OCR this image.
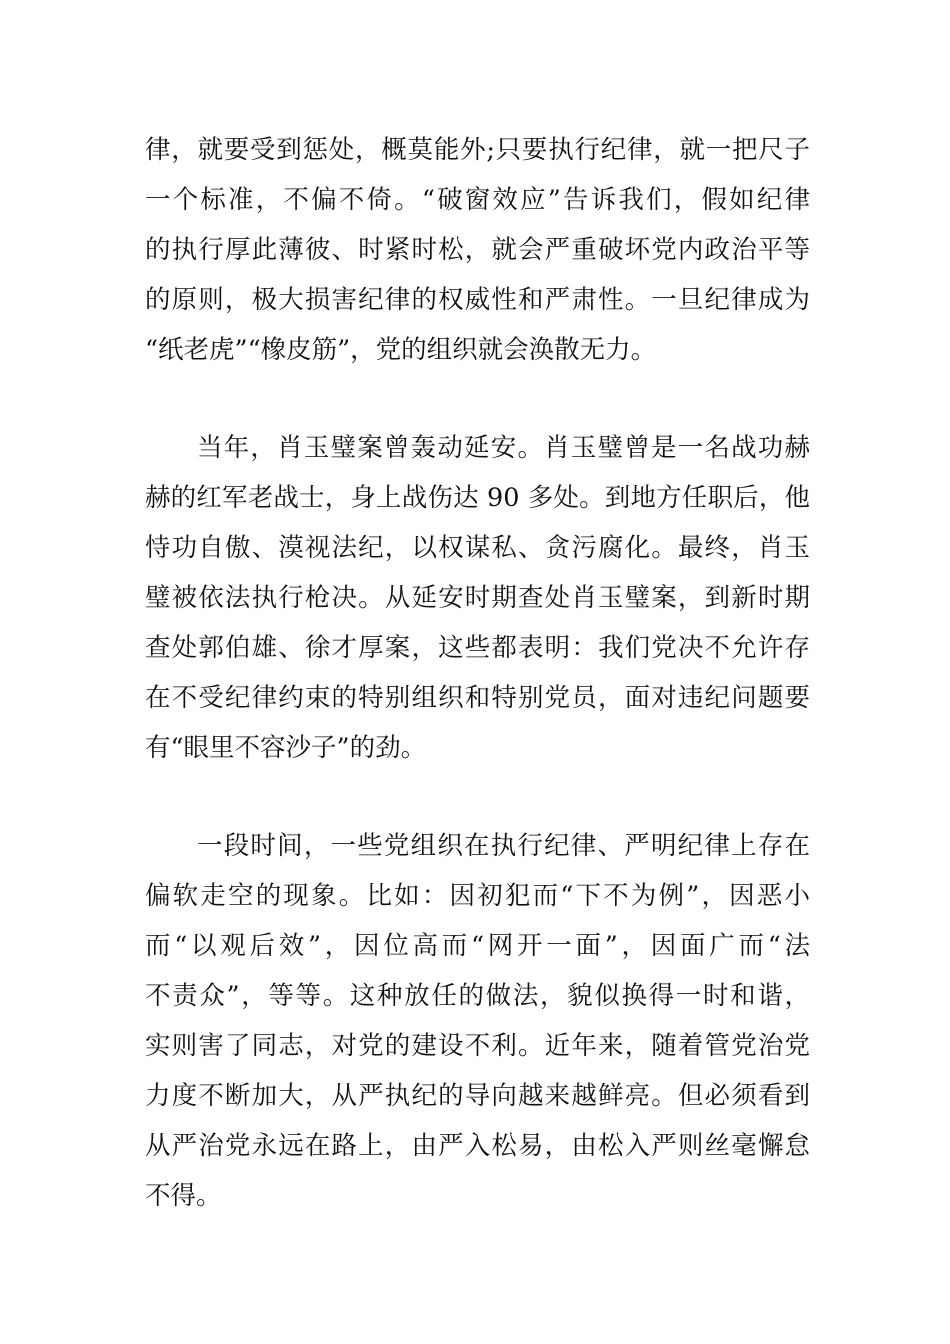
律，就要受到惩处，概莫能外;只要执行纪律，就一把尺子
一个标准，不偏不倚。“破窗效应”告诉我们，假如纪律
的执行厚此薄彼、时紧时松，就会严重破坏党内政治平等
的原则，极大损害纪律的权威性和严肃性。一旦纪律成为
“纸老虎”“橡皮筋”，党的组织就会涣散无力。
当年，肖玉璧案曾轰动延安。肖玉璧曾是一名战功赫
赫的红军老战士，身上战伤达 90 多处。到地方任职后，他
恃功自傲、漠视法纪，以权谋私、贪污腐化。最终，肖玉
璧被依法执行枪决。从延安时期查处肖玉璧案，到新时期
查处郭伯雄、徐才厚案，这些都表明：我们党决不允许存
在不受纪律约束的特别组织和特别党员，面对违纪问题要
有“眼里不容沙子”的劲。
一段时间，一些党组织在执行纪律、严明纪律上存在
偏软走空的现象。比如：因初犯而“下不为例”，因恶小
而“以观后效”，因位高而“网开一面”，因面广而“法
不责众”，等等。这种放任的做法，貌似换得一时和谐，
实则害了同志，对党的建设不利。近年来，随着管党治党
力度不断加大，从严执纪的导向越来越鲜亮。但必须看到
从严治党永远在路上，由严入松易，由松入严则丝毫懈怠
不得。
